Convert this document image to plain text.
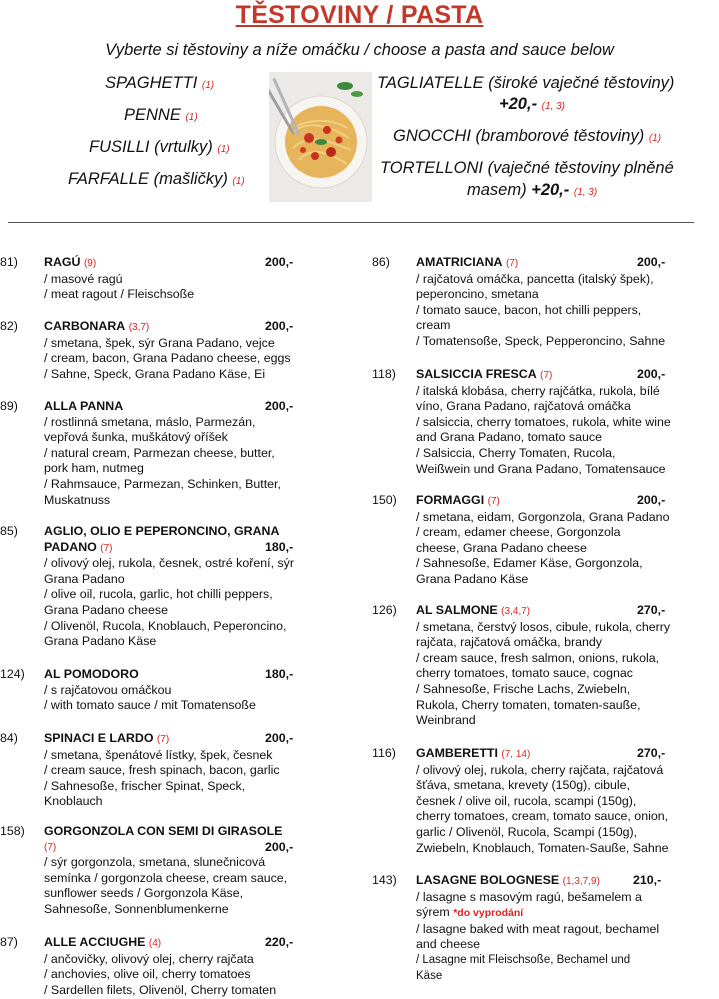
TĚSTOVINY / PASTA
Vyberte si těstoviny a níže omáčku / choose a pasta and sauce below
SPAGHETTI (1)
PENNE (1)
FUSILLI (vrtulky) (1)
FARFALLE (mašličky) (1)
TAGLIATELLE (široké vaječné těstoviny)
+20,- (1, 3)
GNOCCHI (bramborové těstoviny) (1)
TORTELLONI (vaječné těstoviny plněné
masem) +20,- (1, 3)
81) RAGÚ (9)
/ masové ragú
/ meat ragout / Fleischsoße
200,-
82) CARBONARA (3,7)
/ smetana, špek, sýr Grana Padano, vejce
/ cream, bacon, Grana Padano cheese, eggs
/ Sahne, Speck, Grana Padano Käse, Ei
200,-
89) ALLA PANNA
/ rostlinná smetana, máslo, Parmezán,
vepřová šunka, muškátový oříšek
/ natural cream, Parmezan cheese, butter,
pork ham, nutmeg
/ Rahmsauce, Parmezan, Schinken, Butter,
Muskatnuss
200,-
85) AGLIO, OLIO E PEPERONCINO, GRANA
PADANO (7)
/ olivový olej, rukola, česnek, ostré koření, sýr
Grana Padano
/ olive oil, rucola, garlic, hot chilli peppers,
Grana Padano cheese
/ Olivenöl, Rucola, Knoblauch, Peperoncino,
Grana Padano Käse
180,-
124) AL POMODORO
/ s rajčatovou omáčkou
/ with tomato sauce / mit Tomatensoße
180,-
84) SPINACI E LARDO (7)
/ smetana, špenátové lístky, špek, česnek
/ cream sauce, fresh spinach, bacon, garlic
/ Sahnesoße, frischer Spinat, Speck,
Knoblauch
200,-
158) GORGONZOLA CON SEMI DI GIRASOLE
(7)
/ sýr gorgonzola, smetana, slunečnicová
semínka / gorgonzola cheese, cream sauce,
sunflower seeds / Gorgonzola Käse,
Sahnesoße, Sonnenblumenkerne
200,-
87) ALLE ACCIUGHE (4)
/ ančovičky, olivový olej, cherry rajčata
/ anchovies, olive oil, cherry tomatoes
/ Sardellen filets, Olivenöl, Cherry tomaten
220,-
86) AMATRICIANA (7)
/ rajčatová omáčka, pancetta (italský špek),
peperoncino, smetana
/ tomato sauce, bacon, hot chilli peppers,
cream
/ Tomatensoße, Speck, Pepperoncino, Sahne
200,-
118) SALSICCIA FRESCA (7)
/ italská klobása, cherry rajčátka, rukola, bílé
víno, Grana Padano, rajčatová omáčka
/ salsiccia, cherry tomatoes, rukola, white wine
and Grana Padano, tomato sauce
/ Salsiccia, Cherry Tomaten, Rucola,
Weißwein und Grana Padano, Tomatensauce
200,-
150) FORMAGGI (7)
/ smetana, eidam, Gorgonzola, Grana Padano
/ cream, edamer cheese, Gorgonzola
cheese, Grana Padano cheese
/ Sahnesoße, Edamer Käse, Gorgonzola,
Grana Padano Käse
200,-
126) AL SALMONE (3,4,7)
/ smetana, čerstvý losos, cibule, rukola, cherry
rajčata, rajčatová omáčka, brandy
/ cream sauce, fresh salmon, onions, rukola,
cherry tomatoes, tomato sauce, cognac
/ Sahnesoße, Frische Lachs, Zwiebeln,
Rukola, Cherry tomaten, tomaten-sauße,
Weinbrand
270,-
116) GAMBERETTI (7, 14)
/ olivový olej, rukola, cherry rajčata, rajčatová
šťáva, smetana, krevety (150g), cibule,
česnek / olive oil, rucola, scampi (150g),
cherry tomatoes, cream, tomato sauce, onion,
garlic / Olivenöl, Rucola, Scampi (150g),
Zwiebeln, Knoblauch, Tomaten-Saußе, Sahne
270,-
143) LASAGNE BOLOGNESE (1,3,7,9)
/ lasagne s masovým ragú, bešamelem a
sýrem *do vyprodání
/ lasagne baked with meat ragout, bechamel
and cheese
/ Lasagne mit Fleischsoße, Bechamel und
Käse
210,-
